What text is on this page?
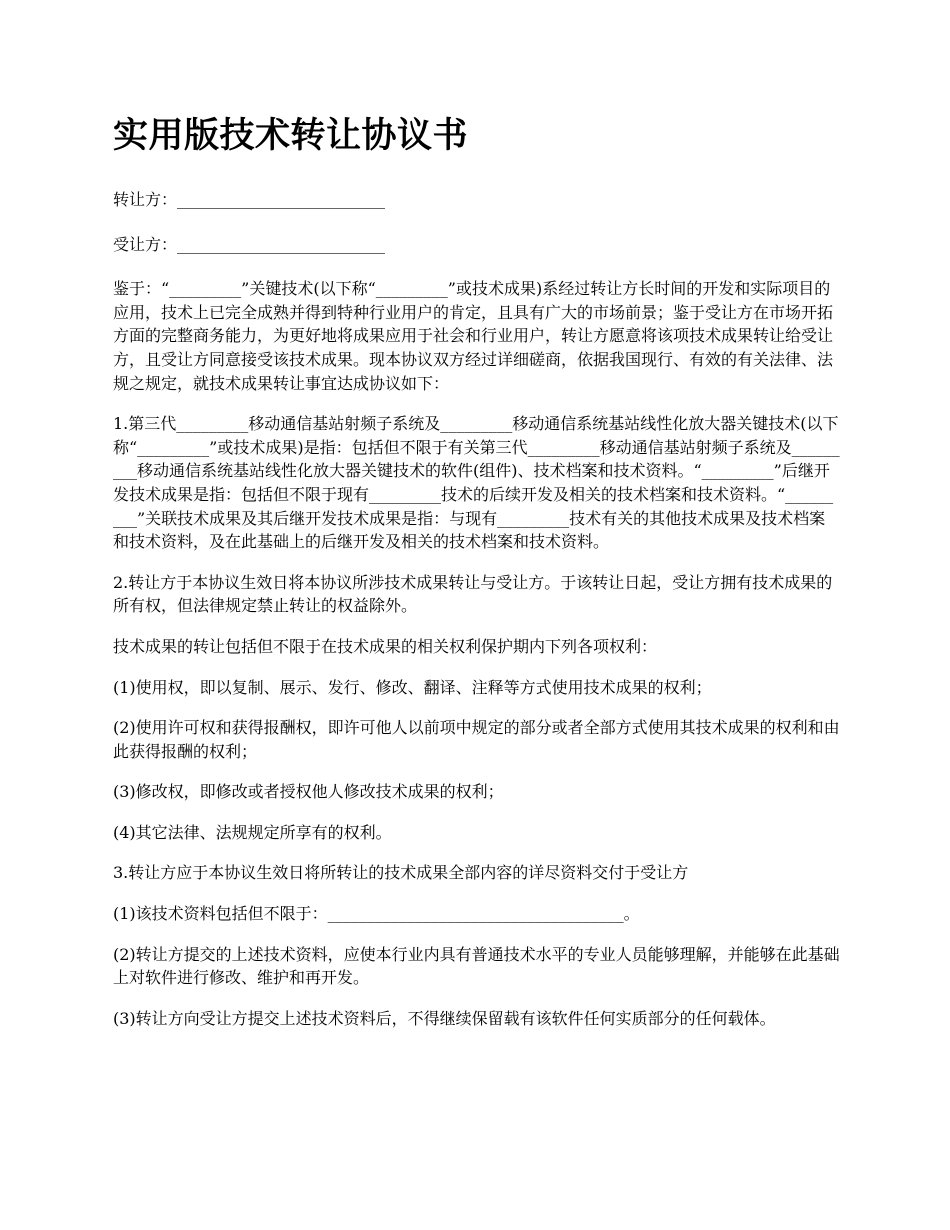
实用版技术转让协议书

转让方：__________________________

受让方：__________________________

鉴于：“_________”关键技术(以下称“_________”或技术成果)系经过转让方长时间的开发和实际项目的应用，技术上已完全成熟并得到特种行业用户的肯定，且具有广大的市场前景；鉴于受让方在市场开拓方面的完整商务能力，为更好地将成果应用于社会和行业用户，转让方愿意将该项技术成果转让给受让方，且受让方同意接受该技术成果。现本协议双方经过详细磋商，依据我国现行、有效的有关法律、法规之规定，就技术成果转让事宜达成协议如下：

1.第三代_________移动通信基站射频子系统及_________移动通信系统基站线性化放大器关键技术(以下称“_________”或技术成果)是指：包括但不限于有关第三代_________移动通信基站射频子系统及_________移动通信系统基站线性化放大器关键技术的软件(组件)、技术档案和技术资料。“_________”后继开发技术成果是指：包括但不限于现有_________技术的后续开发及相关的技术档案和技术资料。“_________”关联技术成果及其后继开发技术成果是指：与现有_________技术有关的其他技术成果及技术档案和技术资料，及在此基础上的后继开发及相关的技术档案和技术资料。

2.转让方于本协议生效日将本协议所涉技术成果转让与受让方。于该转让日起，受让方拥有技术成果的所有权，但法律规定禁止转让的权益除外。

技术成果的转让包括但不限于在技术成果的相关权利保护期内下列各项权利：

(1)使用权，即以复制、展示、发行、修改、翻译、注释等方式使用技术成果的权利；

(2)使用许可权和获得报酬权，即许可他人以前项中规定的部分或者全部方式使用其技术成果的权利和由此获得报酬的权利；

(3)修改权，即修改或者授权他人修改技术成果的权利；

(4)其它法律、法规规定所享有的权利。

3.转让方应于本协议生效日将所转让的技术成果全部内容的详尽资料交付于受让方

(1)该技术资料包括但不限于：_____________________________________。

(2)转让方提交的上述技术资料，应使本行业内具有普通技术水平的专业人员能够理解，并能够在此基础上对软件进行修改、维护和再开发。

(3)转让方向受让方提交上述技术资料后，不得继续保留载有该软件任何实质部分的任何载体。
